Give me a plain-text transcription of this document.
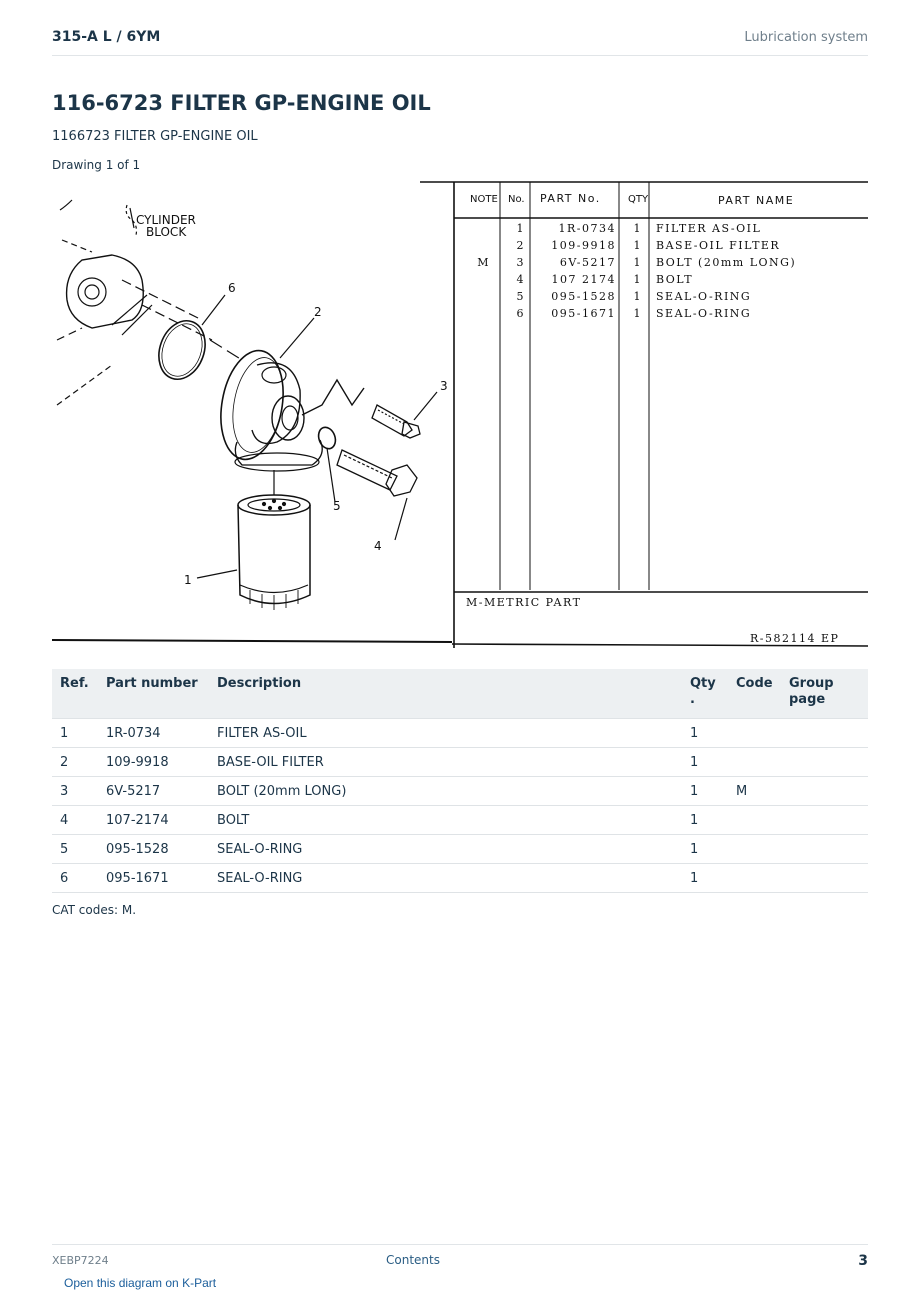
315-A L / 6YM	Lubrication system
116-6723 FILTER GP-ENGINE OIL
1166723 FILTER GP-ENGINE OIL
Drawing 1 of 1
CYLINDER
BLOCK
6
2
3
5
4
1
NOTE No. PART No.	QTY	PART NAME
1	1R-0734 1 FILTER AS-OIL
2 109-9918 1 BASE-OIL FILTER
M 3	6V-5217 1 BOLT (20mm LONG)
4 107 2174 1 BOLT
5 095-1528 1 SEAL-O-RING
6 095-1671 1 SEAL-O-RING
M-METRIC PART
R-582114 EP
Ref.	Part number	Description	Qty .	Code	Group page
1	1R-0734	FILTER AS-OIL	1		
2	109-9918	BASE-OIL FILTER	1		
3	6V-5217	BOLT (20mm LONG)	1	M	
4	107-2174	BOLT	1		
5	095-1528	SEAL-O-RING	1		
6	095-1671	SEAL-O-RING	1		
CAT codes: M.
XEBP7224	Contents	3
Open this diagram on K-Part
